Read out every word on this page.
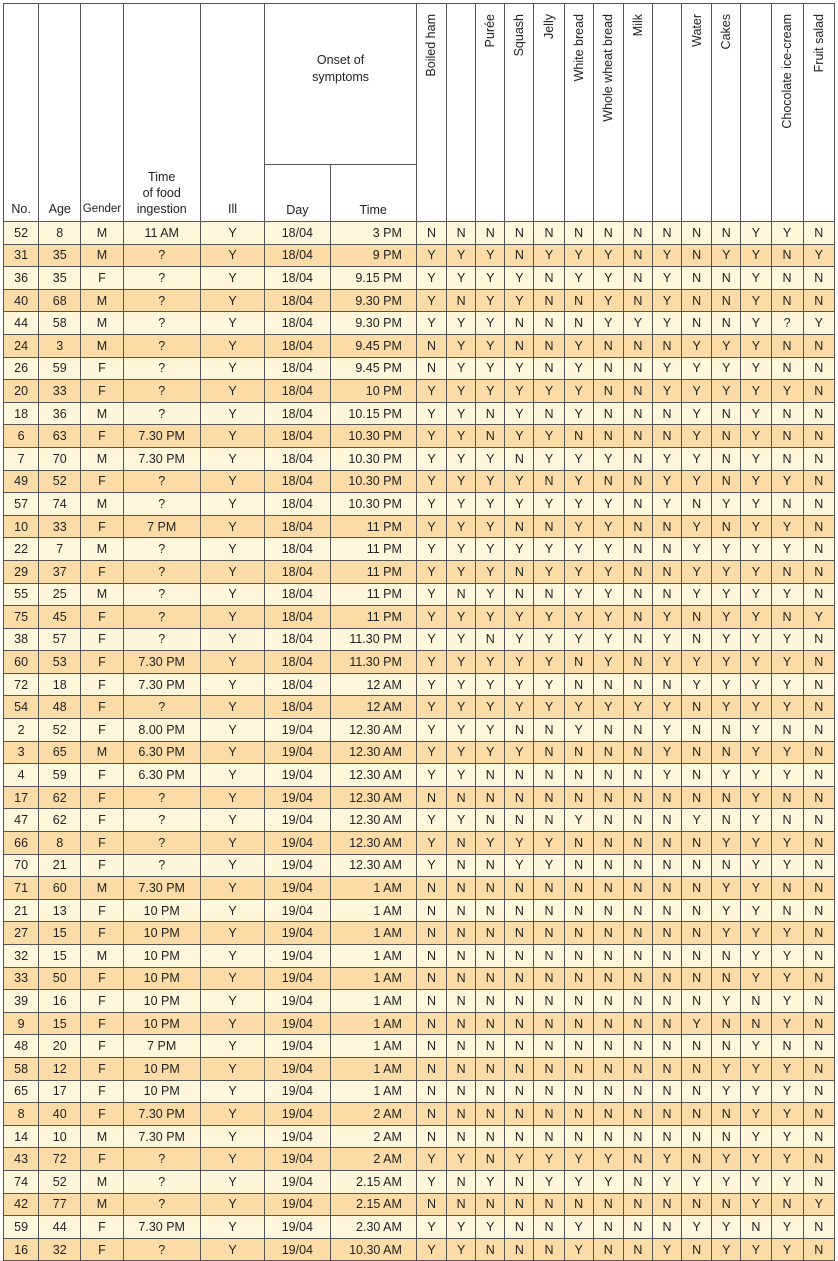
No.	Age	Gender	Time
of food
ingestion	Ill	Onset of
symptoms		Boiled ham		Purée	Squash	Jelly	White bread	Whole wheat bread	Milk		Water	Cakes		Chocolate ice-cream	Fruit salad
					Day	Time														
52	8	M	11 AM	Y	18/04	3 PM	N	N	N	N	N	N	N	N	N	N	N	Y	Y	N
31	35	M	?	Y	18/04	9 PM	Y	Y	Y	N	Y	Y	Y	N	Y	N	Y	Y	N	Y
36	35	F	?	Y	18/04	9.15 PM	Y	Y	Y	Y	N	Y	Y	N	Y	N	N	Y	N	N
40	68	M	?	Y	18/04	9.30 PM	Y	N	Y	Y	N	N	Y	N	Y	N	N	Y	N	N
44	58	M	?	Y	18/04	9.30 PM	Y	Y	Y	N	N	N	Y	Y	Y	N	N	Y	?	Y
24	3	M	?	Y	18/04	9.45 PM	N	Y	Y	N	N	Y	N	N	N	Y	Y	Y	N	N
26	59	F	?	Y	18/04	9.45 PM	N	Y	Y	Y	N	Y	N	N	Y	Y	Y	Y	N	N
20	33	F	?	Y	18/04	10 PM	Y	Y	Y	Y	Y	Y	N	N	Y	Y	Y	Y	Y	N
18	36	M	?	Y	18/04	10.15 PM	Y	Y	N	Y	N	Y	N	N	N	Y	N	Y	N	N
6	63	F	7.30 PM	Y	18/04	10.30 PM	Y	Y	N	Y	Y	N	N	N	N	Y	N	Y	N	N
7	70	M	7.30 PM	Y	18/04	10.30 PM	Y	Y	Y	N	Y	Y	Y	N	Y	Y	N	Y	N	N
49	52	F	?	Y	18/04	10.30 PM	Y	Y	Y	Y	N	Y	N	N	Y	Y	N	Y	Y	N
57	74	M	?	Y	18/04	10.30 PM	Y	Y	Y	Y	Y	Y	Y	N	Y	N	Y	Y	N	N
10	33	F	7 PM	Y	18/04	11 PM	Y	Y	Y	N	N	Y	Y	N	N	Y	N	Y	Y	N
22	7	M	?	Y	18/04	11 PM	Y	Y	Y	Y	Y	Y	Y	N	N	Y	Y	Y	Y	N
29	37	F	?	Y	18/04	11 PM	Y	Y	Y	N	Y	Y	Y	N	N	Y	Y	Y	N	N
55	25	M	?	Y	18/04	11 PM	Y	N	Y	N	N	Y	Y	N	N	Y	Y	Y	Y	N
75	45	F	?	Y	18/04	11 PM	Y	Y	Y	Y	Y	Y	Y	N	Y	N	Y	Y	N	Y
38	57	F	?	Y	18/04	11.30 PM	Y	Y	N	Y	Y	Y	Y	N	Y	N	Y	Y	Y	N
60	53	F	7.30 PM	Y	18/04	11.30 PM	Y	Y	Y	Y	Y	N	Y	N	Y	Y	Y	Y	Y	N
72	18	F	7.30 PM	Y	18/04	12 AM	Y	Y	Y	Y	Y	N	N	N	N	Y	Y	Y	Y	N
54	48	F	?	Y	18/04	12 AM	Y	Y	Y	Y	Y	Y	Y	Y	Y	N	Y	Y	Y	N
2	52	F	8.00 PM	Y	19/04	12.30 AM	Y	Y	Y	N	N	Y	N	N	Y	N	N	Y	N	N
3	65	M	6.30 PM	Y	19/04	12.30 AM	Y	Y	Y	Y	N	N	N	N	Y	N	N	Y	Y	N
4	59	F	6.30 PM	Y	19/04	12.30 AM	Y	Y	N	N	N	N	N	N	Y	N	Y	Y	Y	N
17	62	F	?	Y	19/04	12.30 AM	N	N	N	N	N	N	N	N	N	N	N	Y	N	N
47	62	F	?	Y	19/04	12.30 AM	Y	Y	N	N	N	Y	N	N	N	Y	N	Y	N	N
66	8	F	?	Y	19/04	12.30 AM	Y	N	Y	Y	Y	N	N	N	N	N	Y	Y	Y	N
70	21	F	?	Y	19/04	12.30 AM	Y	N	N	Y	Y	N	N	N	N	N	N	Y	Y	N
71	60	M	7.30 PM	Y	19/04	1 AM	N	N	N	N	N	N	N	N	N	N	Y	Y	N	N
21	13	F	10 PM	Y	19/04	1 AM	N	N	N	N	N	N	N	N	N	N	Y	Y	N	N
27	15	F	10 PM	Y	19/04	1 AM	N	N	N	N	N	N	N	N	N	N	Y	Y	Y	N
32	15	M	10 PM	Y	19/04	1 AM	N	N	N	N	N	N	N	N	N	N	N	Y	Y	N
33	50	F	10 PM	Y	19/04	1 AM	N	N	N	N	N	N	N	N	N	N	N	Y	Y	N
39	16	F	10 PM	Y	19/04	1 AM	N	N	N	N	N	N	N	N	N	N	Y	N	Y	N
9	15	F	10 PM	Y	19/04	1 AM	N	N	N	N	N	N	N	N	N	Y	N	N	Y	N
48	20	F	7 PM	Y	19/04	1 AM	N	N	N	N	N	N	N	N	N	N	N	Y	N	N
58	12	F	10 PM	Y	19/04	1 AM	N	N	N	N	N	N	N	N	N	N	Y	Y	Y	N
65	17	F	10 PM	Y	19/04	1 AM	N	N	N	N	N	N	N	N	N	N	Y	Y	Y	N
8	40	F	7.30 PM	Y	19/04	2 AM	N	N	N	N	N	N	N	N	N	N	N	Y	Y	N
14	10	M	7.30 PM	Y	19/04	2 AM	N	N	N	N	N	N	N	N	N	N	N	Y	Y	N
43	72	F	?	Y	19/04	2 AM	Y	Y	N	Y	Y	Y	Y	N	Y	N	Y	Y	Y	N
74	52	M	?	Y	19/04	2.15 AM	Y	N	Y	N	Y	Y	Y	N	Y	Y	Y	Y	Y	N
42	77	M	?	Y	19/04	2.15 AM	N	N	N	N	N	N	N	N	N	N	N	Y	N	Y
59	44	F	7.30 PM	Y	19/04	2.30 AM	Y	Y	Y	N	N	Y	N	N	N	Y	Y	N	Y	N
16	32	F	?	Y	19/04	10.30 AM	Y	Y	N	N	N	Y	N	N	Y	N	Y	Y	Y	N
